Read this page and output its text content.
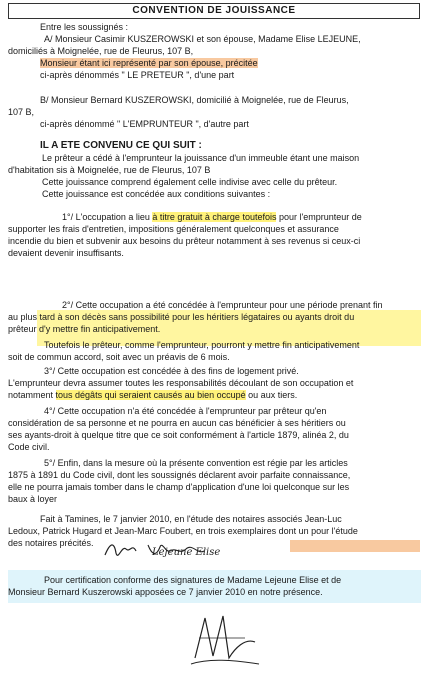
CONVENTION DE JOUISSANCE
Entre les soussignés :
A/ Monsieur Casimir KUSZEROWSKI et son épouse, Madame Elise LEJEUNE,
domiciliés à Moignelée, rue de Fleurus, 107 B,
Monsieur étant ici représenté par son épouse, précitée
ci-après dénommés " LE PRETEUR ", d'une part
B/ Monsieur Bernard KUSZEROWSKI, domicilié à Moignelée, rue de Fleurus,
107 B,
ci-après dénommé " L'EMPRUNTEUR ", d'autre part
IL A ETE CONVENU CE QUI SUIT :
Le prêteur a cédé à l'emprunteur la jouissance d'un immeuble étant une maison
d'habitation sis à Moignelée, rue de Fleurus, 107 B
Cette jouissance comprend également celle indivise avec celle du prêteur.
Cette jouissance est concédée aux conditions suivantes :
1°/ L'occupation a lieu à titre gratuit à charge toutefois pour l'emprunteur de
supporter les frais d'entretien, impositions généralement quelconques et assurance
incendie du bien et subvenir aux besoins du prêteur notamment à ses revenus si ceux-ci
devaient devenir insuffisants.
2°/ Cette occupation a été concédée à l'emprunteur pour une période prenant fin
au plus tard à son décès sans possibilité pour les héritiers légataires ou ayants droit du
prêteur d'y mettre fin anticipativement.
Toutefois le prêteur, comme l'emprunteur, pourront y mettre fin anticipativement
soit de commun accord, soit avec un préavis de 6 mois.
3°/ Cette occupation est concédée à des fins de logement privé.
L'emprunteur devra assumer toutes les responsabilités découlant de son occupation et
notamment tous dégâts qui seraient causés au bien occupé ou aux tiers.
4°/ Cette occupation n'a été concédée à l'emprunteur par prêteur qu'en
considération de sa personne et ne pourra en aucun cas bénéficier à ses héritiers ou
ses ayants-droit à quelque titre que ce soit conformément à l'article 1879, alinéa 2, du
Code civil.
5°/ Enfin, dans la mesure où la présente convention est régie par les articles
1875 à 1891 du Code civil, dont les soussignés déclarent avoir parfaite connaissance,
elle ne pourra jamais tomber dans le champ d'application d'une loi quelconque sur les
baux à loyer
Fait à Tamines, le 7 janvier 2010, en l'étude des notaires associés Jean-Luc
Ledoux, Patrick Hugard et Jean-Marc Foubert, en trois exemplaires dont un pour l'étude
des notaires précités.
Lejeune Elise
Pour certification conforme des signatures de Madame Lejeune Elise et de
Monsieur Bernard Kuszerowski apposées ce 7 janvier 2010 en notre présence.
